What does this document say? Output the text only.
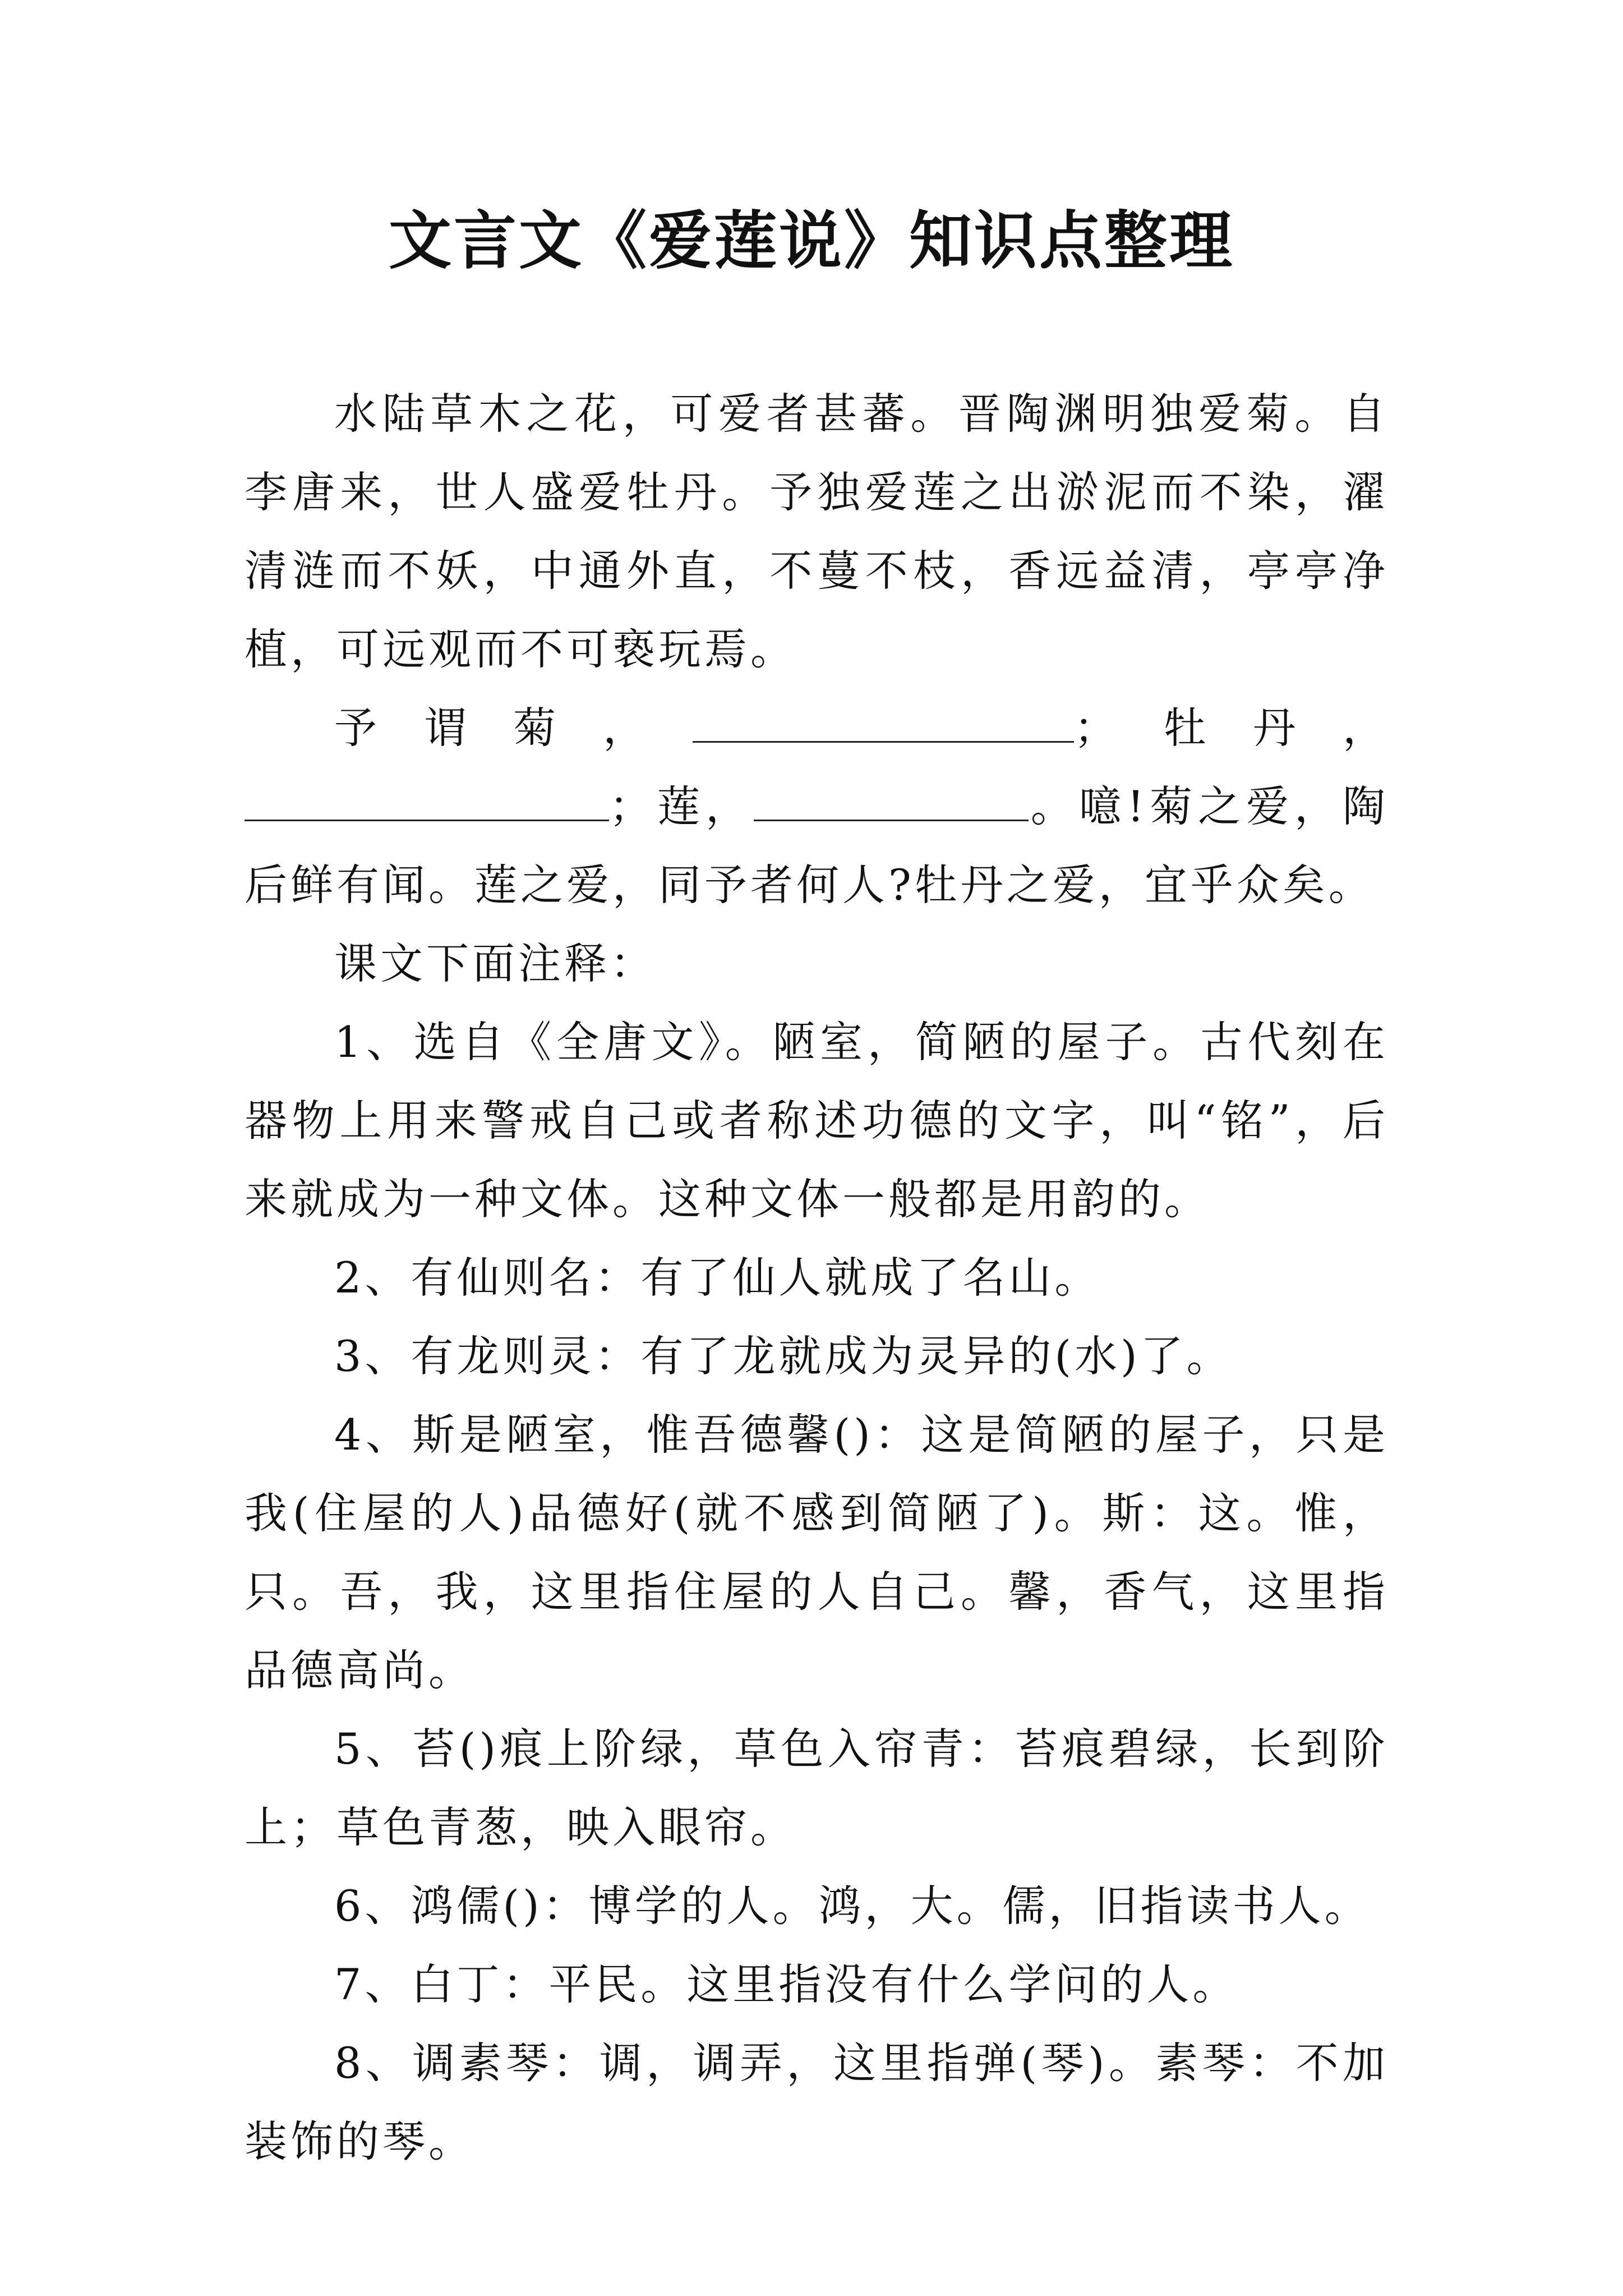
文言文《爱莲说》知识点整理

水陆草木之花，可爱者甚蕃。晋陶渊明独爱菊。自李唐来，世人盛爱牡丹。予独爱莲之出淤泥而不染，濯清涟而不妖，中通外直，不蔓不枝，香远益清，亭亭净植，可远观而不可亵玩焉。

予谓菊，	；牡丹，；莲，	。噫!菊之爱，陶后鲜有闻。莲之爱，同予者何人?牡丹之爱，宜乎众矣。

课文下面注释：

1、选自《全唐文》。陋室，简陋的屋子。古代刻在器物上用来警戒自己或者称述功德的文字，叫“铭”，后来就成为一种文体。这种文体一般都是用韵的。

2、有仙则名：有了仙人就成了名山。

3、有龙则灵：有了龙就成为灵异的(水)了。

4、斯是陋室，惟吾德馨()：这是简陋的屋子，只是我(住屋的人)品德好(就不感到简陋了)。斯：这。惟，只。吾，我，这里指住屋的人自己。馨，香气，这里指品德高尚。

5、苔()痕上阶绿，草色入帘青：苔痕碧绿，长到阶上；草色青葱，映入眼帘。

6、鸿儒()：博学的人。鸿，大。儒，旧指读书人。

7、白丁：平民。这里指没有什么学问的人。

8、调素琴：调，调弄，这里指弹(琴)。素琴：不加装饰的琴。
